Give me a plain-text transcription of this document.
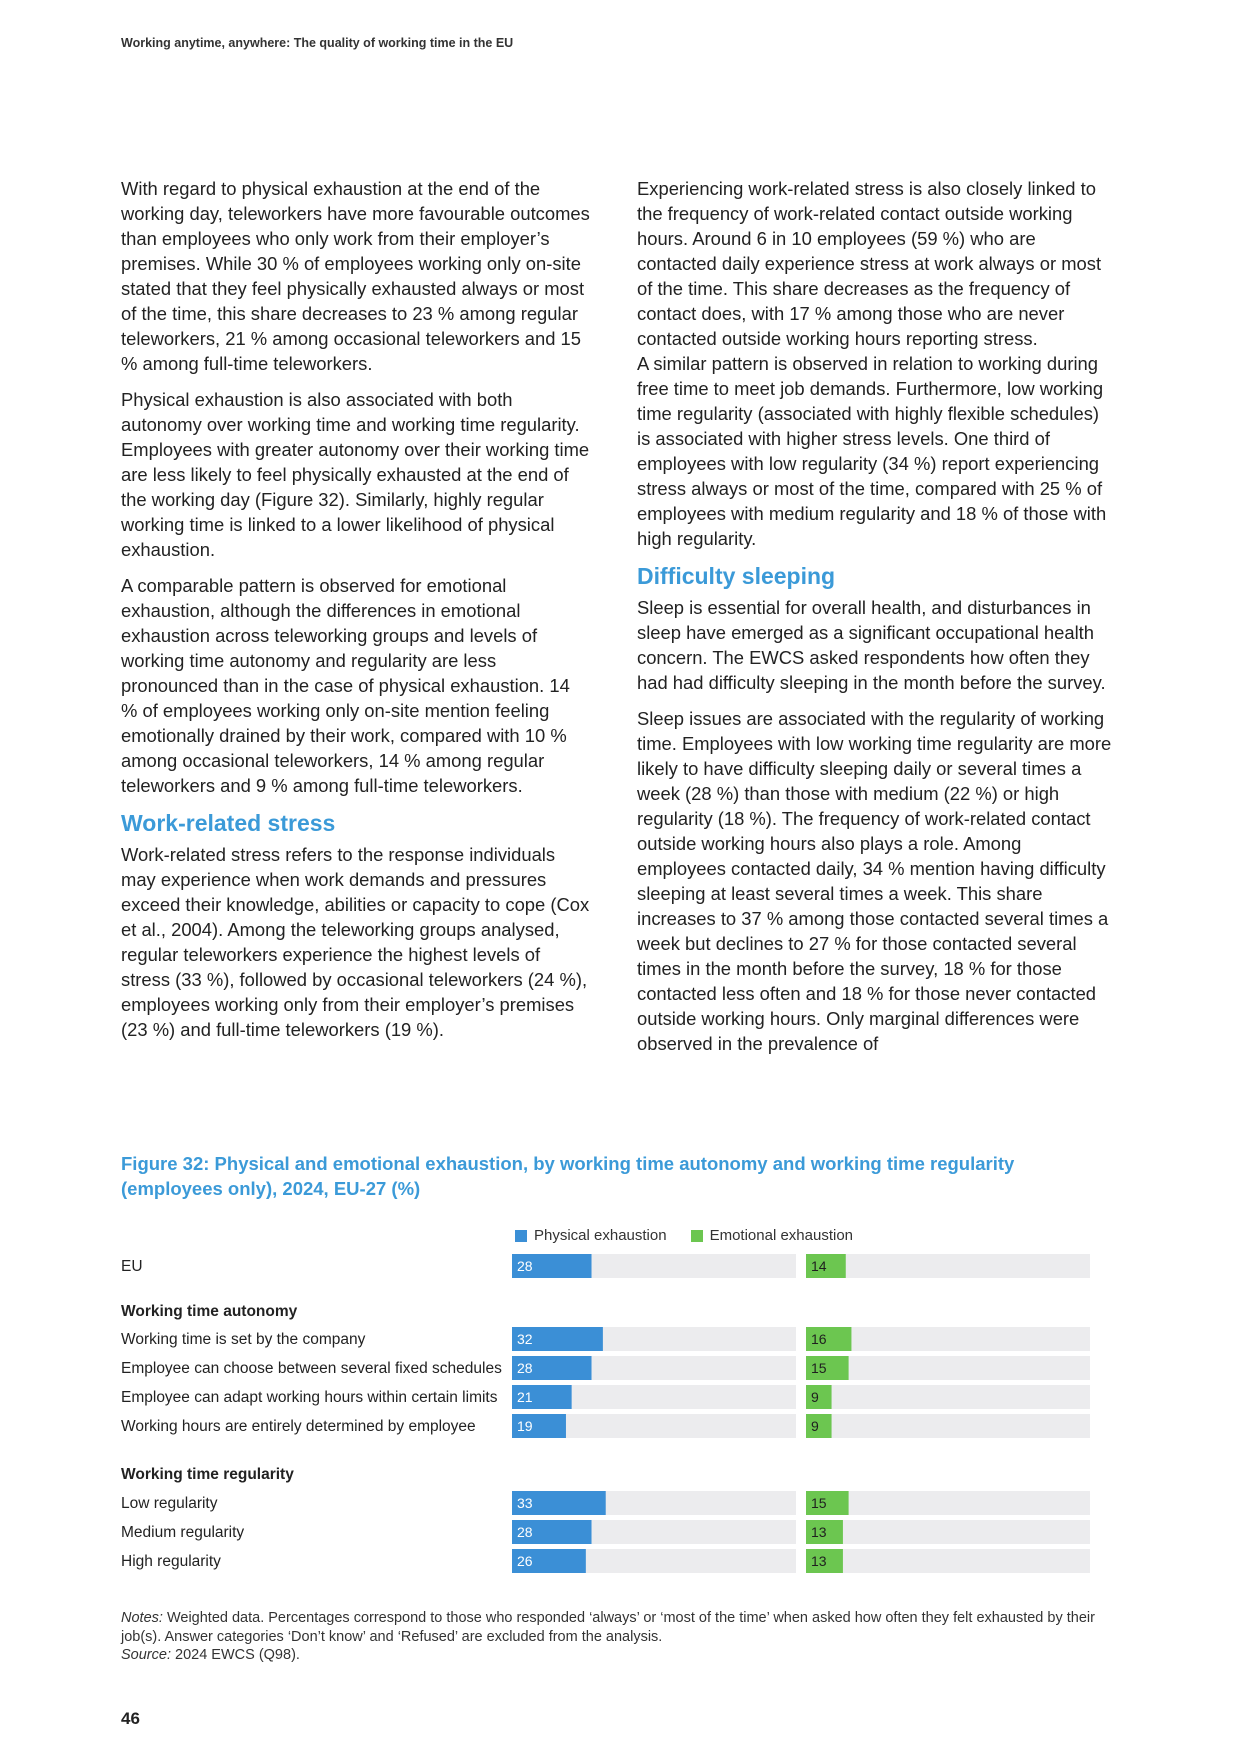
Working anytime, anywhere: The quality of working time in the EU

With regard to physical exhaustion at the end of the working day, teleworkers have more favourable outcomes than employees who only work from their employer’s premises. While 30 % of employees working only on-site stated that they feel physically exhausted always or most of the time, this share decreases to 23 % among regular teleworkers, 21 % among occasional teleworkers and 15 % among full-time teleworkers.

Physical exhaustion is also associated with both autonomy over working time and working time regularity. Employees with greater autonomy over their working time are less likely to feel physically exhausted at the end of the working day (Figure 32). Similarly, highly regular working time is linked to a lower likelihood of physical exhaustion.

A comparable pattern is observed for emotional exhaustion, although the differences in emotional exhaustion across teleworking groups and levels of working time autonomy and regularity are less pronounced than in the case of physical exhaustion. 14 % of employees working only on-site mention feeling emotionally drained by their work, compared with 10 % among occasional teleworkers, 14 % among regular teleworkers and 9 % among full-time teleworkers.

Work-related stress

Work-related stress refers to the response individuals may experience when work demands and pressures exceed their knowledge, abilities or capacity to cope (Cox et al., 2004). Among the teleworking groups analysed, regular teleworkers experience the highest levels of stress (33 %), followed by occasional teleworkers (24 %), employees working only from their employer’s premises (23 %) and full-time teleworkers (19 %).

Experiencing work-related stress is also closely linked to the frequency of work-related contact outside working hours. Around 6 in 10 employees (59 %) who are contacted daily experience stress at work always or most of the time. This share decreases as the frequency of contact does, with 17 % among those who are never contacted outside working hours reporting stress.

A similar pattern is observed in relation to working during free time to meet job demands. Furthermore, low working time regularity (associated with highly flexible schedules) is associated with higher stress levels. One third of employees with low regularity (34 %) report experiencing stress always or most of the time, compared with 25 % of employees with medium regularity and 18 % of those with high regularity.

Difficulty sleeping

Sleep is essential for overall health, and disturbances in sleep have emerged as a significant occupational health concern. The EWCS asked respondents how often they had had difficulty sleeping in the month before the survey.

Sleep issues are associated with the regularity of working time. Employees with low working time regularity are more likely to have difficulty sleeping daily or several times a week (28 %) than those with medium (22 %) or high regularity (18 %). The frequency of work-related contact outside working hours also plays a role. Among employees contacted daily, 34 % mention having difficulty sleeping at least several times a week. This share increases to 37 % among those contacted several times a week but declines to 27 % for those contacted several times in the month before the survey, 18 % for those contacted less often and 18 % for those never contacted outside working hours. Only marginal differences were observed in the prevalence of

Figure 32: Physical and emotional exhaustion, by working time autonomy and working time regularity (employees only), 2024, EU-27 (%)
Physical exhaustion	Emotional exhaustion
EU	28	14
Working time autonomy
Working time is set by the company	32	16
Employee can choose between several fixed schedules 28	15
Employee can adapt working hours within certain limits 21	9
Working hours are entirely determined by employee	19	9
Working time regularity
Low regularity	33	15
Medium regularity	28	13
High regularity	26	13
Notes: Weighted data. Percentages correspond to those who responded ‘always’ or ‘most of the time’ when asked how often they felt exhausted by their job(s). Answer categories ‘Don’t know’ and ‘Refused’ are excluded from the analysis.
Source: 2024 EWCS (Q98).
46
